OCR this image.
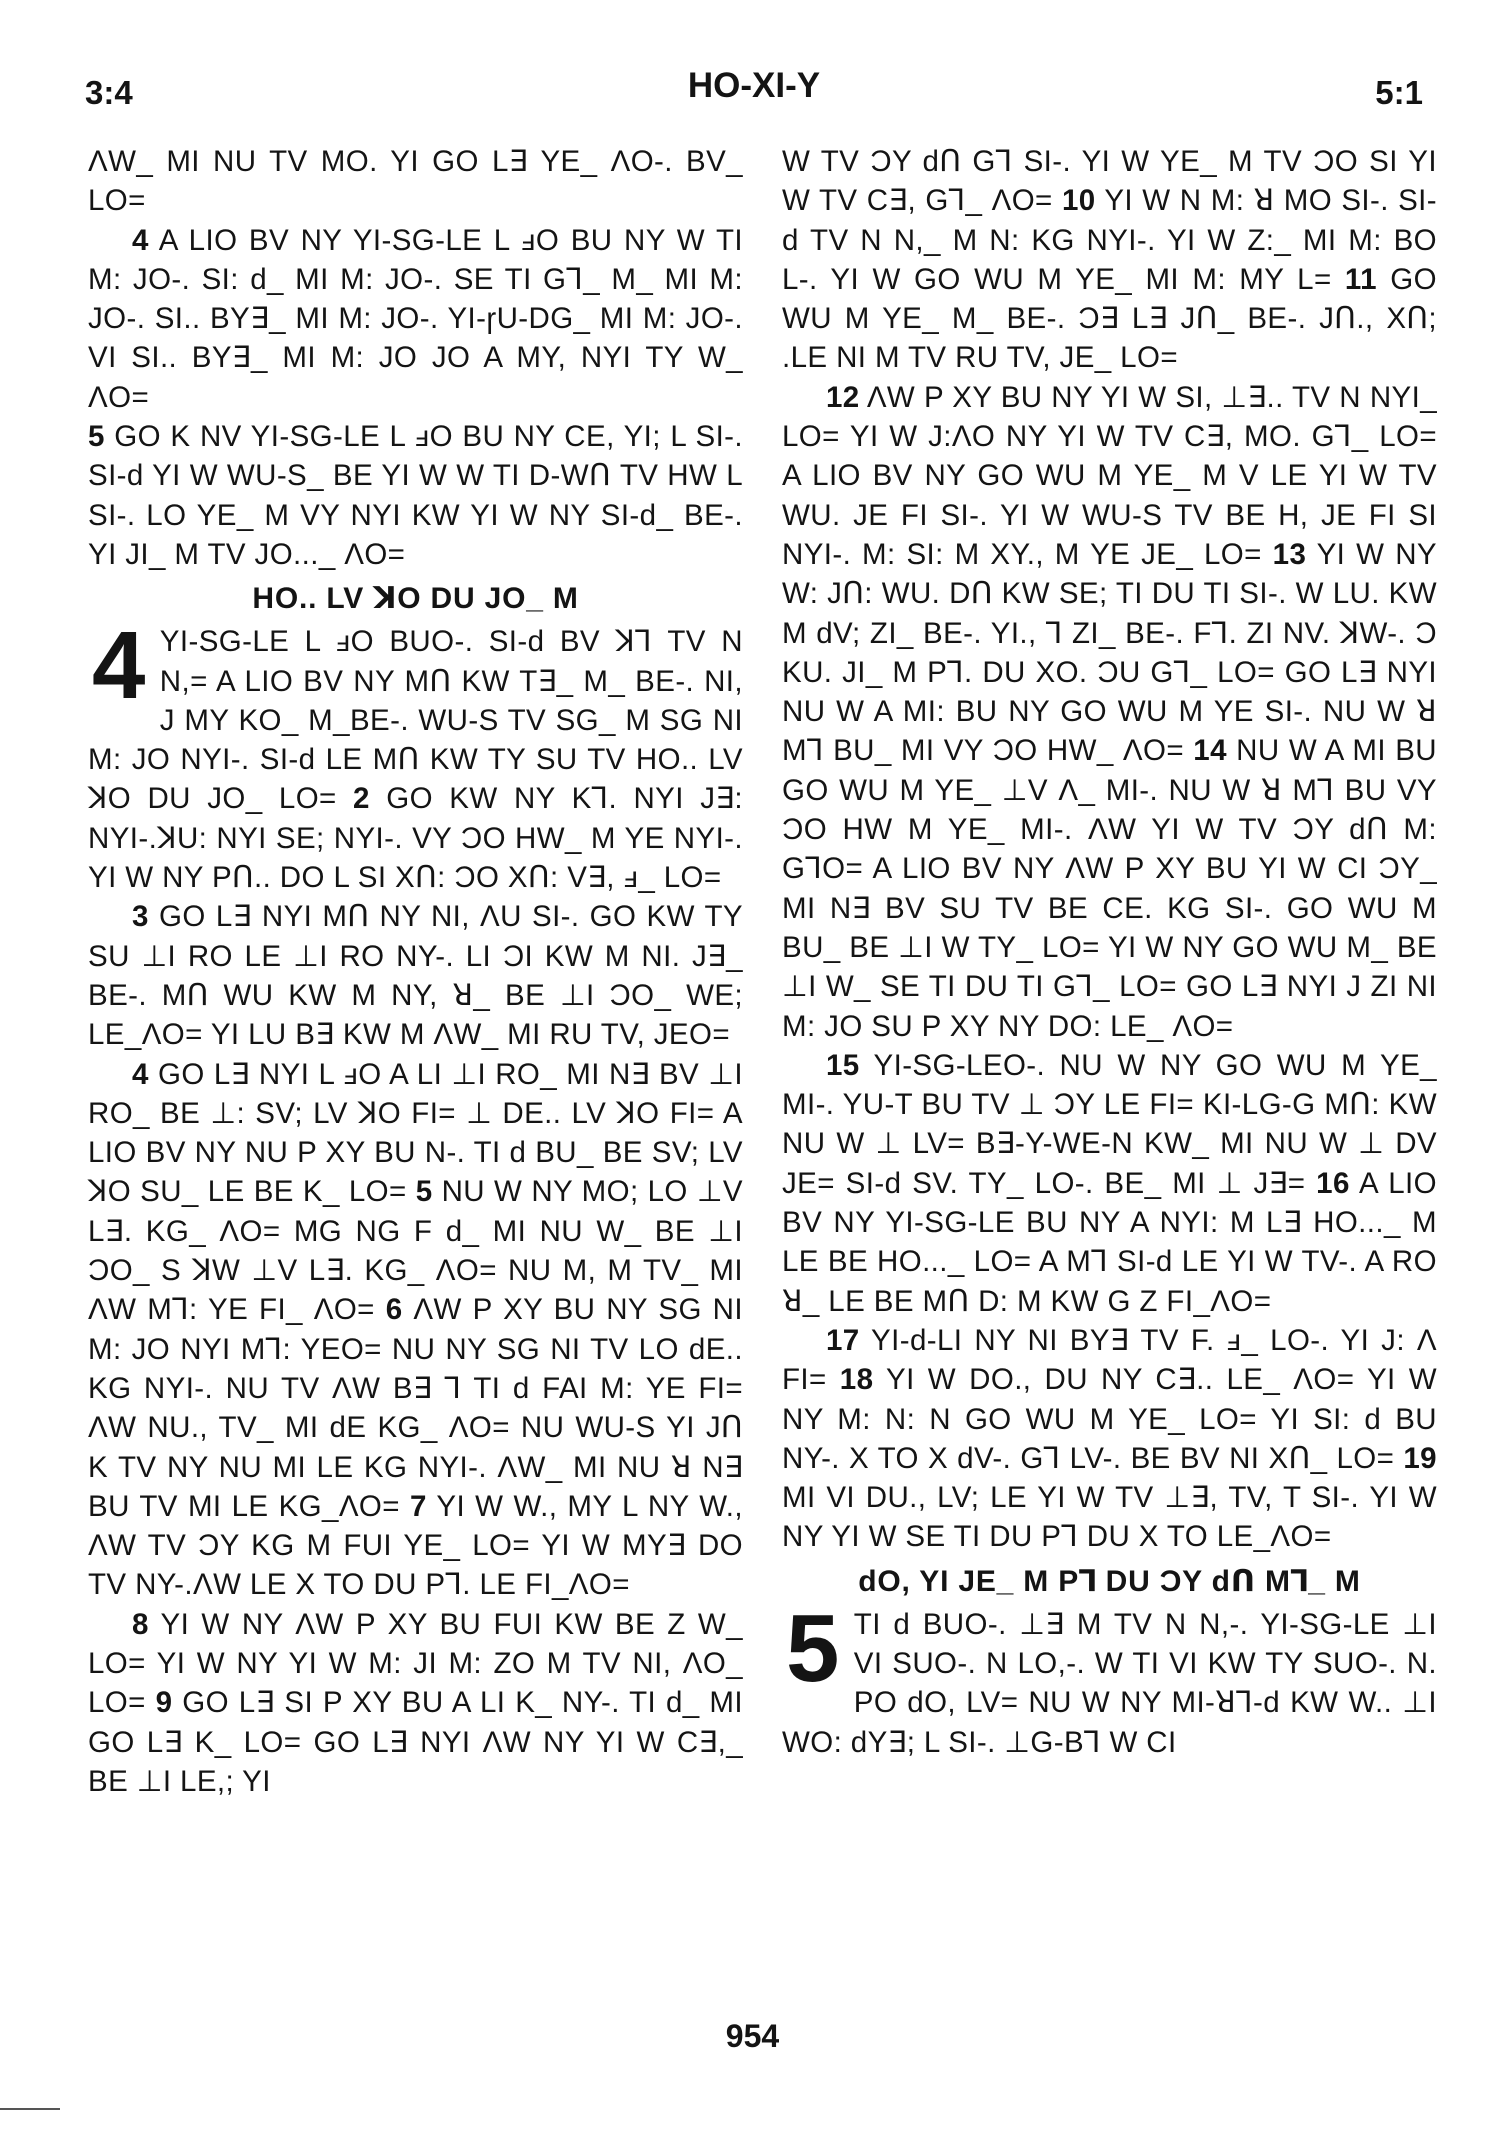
3:4	HO-XI-Y	5:1

ΛW_ MI NU TV MO. YI GO L∃ YE_ ΛO-. BV_ LO=

4 A LIO BV NY YI-SG-LE L ⅎO BU NY W TI M: JO-. SI: d_ MI M: JO-. SE TI G⅂_ M_ MI M: JO-. SI.. BY∃_ MI M: JO-. YI-ɼU-DG_ MI M: JO-. VI SI.. BY∃_ MI M: JO JO A MY, NYI TY W_ ΛO=

5 GO K NV YI-SG-LE L ⅎO BU NY CE, YI; L SI-. SI-d YI W WU-S_ BE YI W W TI D-Wᑎ TV HW L SI-. LO YE_ M VY NYI KW YI W NY SI-d_ BE-. YI JI_ M TV JO..._ ΛO=

HO.. LV ꓘO DU JO_ M

4 YI-SG-LE L ⅎO BUO-. SI-d BV ꓘ⅂ TV N N,= A LIO BV NY Mᑎ KW T∃_ M_ BE-. NI, J MY KO_ M_BE-. WU-S TV SG_ M SG NI M: JO NYI-. SI-d LE Mᑎ KW TY SU TV HO.. LV ꓘO DU JO_ LO= 2 GO KW NY K⅂. NYI J∃: NYI-.ꓘU: NYI SE; NYI-. VY ƆO HW_ M YE NYI-. YI W NY Pᑎ.. DO L SI Xᑎ: ƆO Xᑎ: V∃, ⅎ_ LO=

3 GO L∃ NYI Mᑎ NY NI, ΛU SI-. GO KW TY SU ⊥I RO LE ⊥I RO NY-. LI ƆI KW M NI. J∃_ BE-. Mᑎ WU KW M NY, ꓤ_ BE ⊥I ƆO_ WE; LE_ΛO= YI LU B∃ KW M ΛW_ MI RU TV, JEO=

4 GO L∃ NYI L ⅎO A LI ⊥I RO_ MI N∃ BV ⊥I RO_ BE ⊥: SV; LV ꓘO FI= ⊥ DE.. LV ꓘO FI= A LIO BV NY NU P XY BU N-. TI d BU_ BE SV; LV ꓘO SU_ LE BE K_ LO= 5 NU W NY MO; LO ⊥V L∃. KG_ ΛO= MG NG F d_ MI NU W_ BE ⊥I ƆO_ S ꓘW ⊥V L∃. KG_ ΛO= NU M, M TV_ MI ΛW M⅂: YE FI_ ΛO= 6 ΛW P XY BU NY SG NI M: JO NYI M⅂: YEO= NU NY SG NI TV LO dE.. KG NYI-. NU TV ΛW B∃ ⅂ TI d FAI M: YE FI= ΛW NU., TV_ MI dE KG_ ΛO= NU WU-S YI Jᑎ K TV NY NU MI LE KG NYI-. ΛW_ MI NU ꓤ N∃ BU TV MI LE KG_ΛO= 7 YI W W., MY L NY W., ΛW TV ƆY KG M FUI YE_ LO= YI W MY∃ DO TV NY-.ΛW LE X TO DU P⅂. LE FI_ΛO=

8 YI W NY ΛW P XY BU FUI KW BE Z W_ LO= YI W NY YI W M: JI M: ZO M TV NI, ΛO_ LO= 9 GO L∃ SI P XY BU A LI K_ NY-. TI d_ MI GO L∃ K_ LO= GO L∃ NYI ΛW NY YI W C∃,_ BE ⊥I LE,; YI

W TV ƆY dᑎ G⅂ SI-. YI W YE_ M TV ƆO SI YI W TV C∃, G⅂_ ΛO= 10 YI W N M: ꓤ MO SI-. SI-d TV N N,_ M N: KG NYI-. YI W Z:_ MI M: BO L-. YI W GO WU M YE_ MI M: MY L= 11 GO WU M YE_ M_ BE-. Ɔ∃ L∃ Jᑎ_ BE-. Jᑎ., Xᑎ; .LE NI M TV RU TV, JE_ LO=

12 ΛW P XY BU NY YI W SI, ⊥∃.. TV N NYI_ LO= YI W J:ΛO NY YI W TV C∃, MO. G⅂_ LO= A LIO BV NY GO WU M YE_ M V LE YI W TV WU. JE FI SI-. YI W WU-S TV BE H, JE FI SI NYI-. M: SI: M XY., M YE JE_ LO= 13 YI W NY W: Jᑎ: WU. Dᑎ KW SE; TI DU TI SI-. W LU. KW M dV; ZI_ BE-. YI., ⅂ ZI_ BE-. F⅂. ZI NV. ꓘW-. Ɔ KU. JI_ M P⅂. DU XO. ƆU G⅂_ LO= GO L∃ NYI NU W A MI: BU NY GO WU M YE SI-. NU W ꓤ M⅂ BU_ MI VY ƆO HW_ ΛO= 14 NU W A MI BU GO WU M YE_ ⊥V Λ_ MI-. NU W ꓤ M⅂ BU VY ƆO HW M YE_ MI-. ΛW YI W TV ƆY dᑎ M: G⅂O= A LIO BV NY ΛW P XY BU YI W CI ƆY_ MI N∃ BV SU TV BE CE. KG SI-. GO WU M BU_ BE ⊥I W TY_ LO= YI W NY GO WU M_ BE ⊥I W_ SE TI DU TI G⅂_ LO= GO L∃ NYI J ZI NI M: JO SU P XY NY DO: LE_ ΛO=

15 YI-SG-LEO-. NU W NY GO WU M YE_ MI-. YU-T BU TV ⊥ ƆY LE FI= KI-LG-G Mᑎ: KW NU W ⊥ LV= B∃-Y-WE-N KW_ MI NU W ⊥ DV JE= SI-d SV. TY_ LO-. BE_ MI ⊥ J∃= 16 A LIO BV NY YI-SG-LE BU NY A NYI: M L∃ HO..._ M LE BE HO..._ LO= A M⅂ SI-d LE YI W TV-. A RO ꓤ_ LE BE Mᑎ D: M KW G Z FI_ΛO=

17 YI-d-LI NY NI BY∃ TV F. ⅎ_ LO-. YI J: Λ FI= 18 YI W DO., DU NY C∃.. LE_ ΛO= YI W NY M: N: N GO WU M YE_ LO= YI SI: d BU NY-. X TO X dV-. G⅂ LV-. BE BV NI Xᑎ_ LO= 19 MI VI DU., LV; LE YI W TV ⊥∃, TV, T SI-. YI W NY YI W SE TI DU P⅂ DU X TO LE_ΛO=

dO, YI JE_ M P⅂ DU ƆY dᑎ M⅂_ M

5 TI d BUO-. ⊥∃ M TV N N,-. YI-SG-LE ⊥I VI SUO-. N LO,-. W TI VI KW TY SUO-. N. PO dO, LV= NU W NY MI-ꓤ⅂-d KW W.. ⊥I WO: dY∃; L SI-. ⊥G-B⅂ W CI

954
